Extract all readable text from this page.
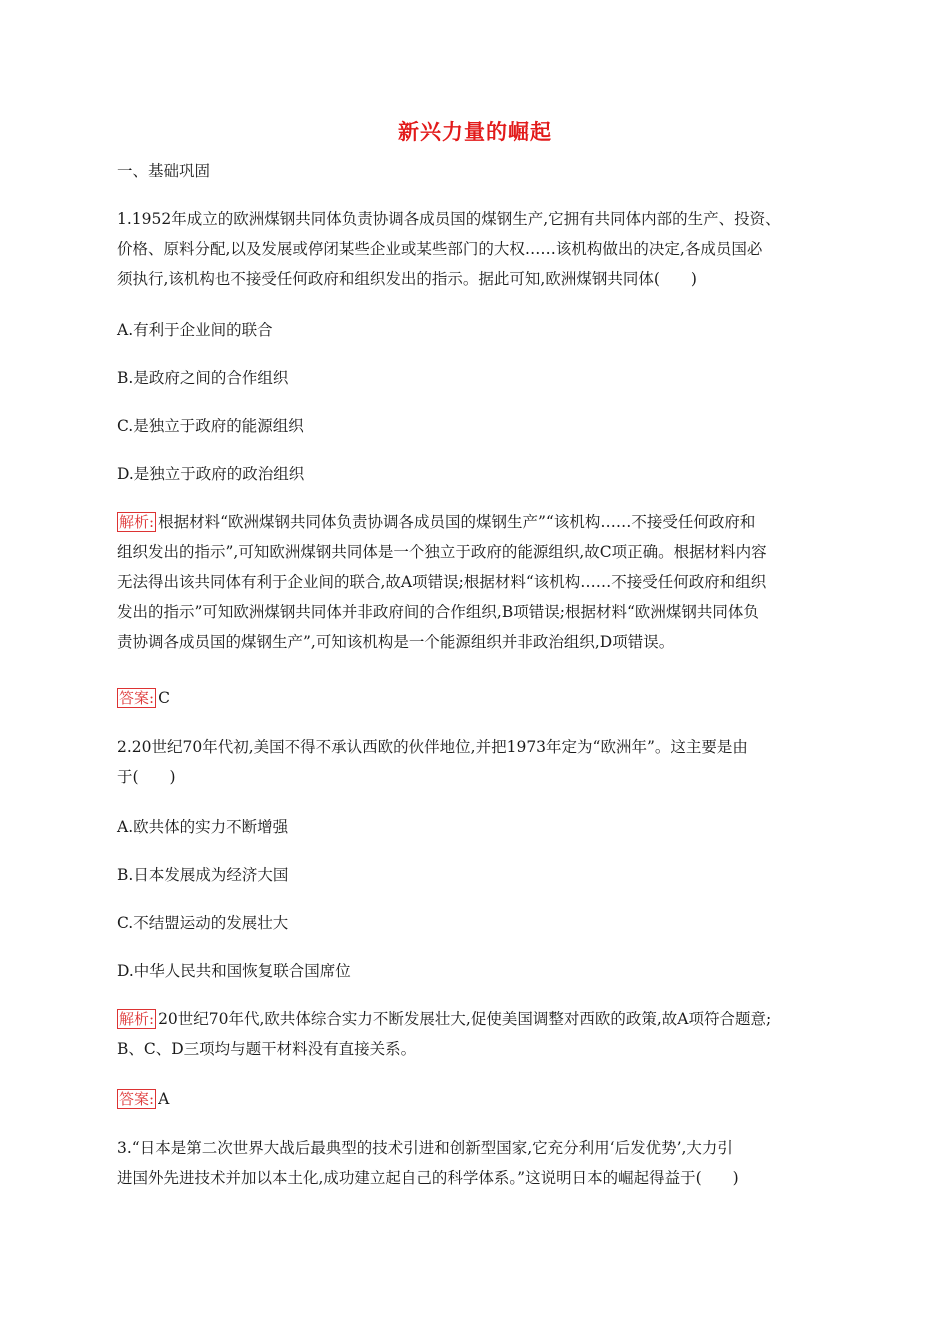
新兴力量的崛起
一、基础巩固
1.1952年成立的欧洲煤钢共同体负责协调各成员国的煤钢生产,它拥有共同体内部的生产、投资、
价格、原料分配,以及发展或停闭某些企业或某些部门的大权……该机构做出的决定,各成员国必
须执行,该机构也不接受任何政府和组织发出的指示。据此可知,欧洲煤钢共同体(　　)
A.有利于企业间的联合
B.是政府之间的合作组织
C.是独立于政府的能源组织
D.是独立于政府的政治组织
解析: 根据材料“欧洲煤钢共同体负责协调各成员国的煤钢生产”“该机构……不接受任何政府和
组织发出的指示”,可知欧洲煤钢共同体是一个独立于政府的能源组织,故C项正确。根据材料内容
无法得出该共同体有利于企业间的联合,故A项错误;根据材料“该机构……不接受任何政府和组织
发出的指示”可知欧洲煤钢共同体并非政府间的合作组织,B项错误;根据材料“欧洲煤钢共同体负
责协调各成员国的煤钢生产”,可知该机构是一个能源组织并非政治组织,D项错误。
答案: C
2.20世纪70年代初,美国不得不承认西欧的伙伴地位,并把1973年定为“欧洲年”。这主要是由
于(　　)
A.欧共体的实力不断增强
B.日本发展成为经济大国
C.不结盟运动的发展壮大
D.中华人民共和国恢复联合国席位
解析: 20世纪70年代,欧共体综合实力不断发展壮大,促使美国调整对西欧的政策,故A项符合题意;
B、C、D三项均与题干材料没有直接关系。
答案: A
3.“日本是第二次世界大战后最典型的技术引进和创新型国家,它充分利用‘后发优势’,大力引
进国外先进技术并加以本土化,成功建立起自己的科学体系。”这说明日本的崛起得益于(　　)
